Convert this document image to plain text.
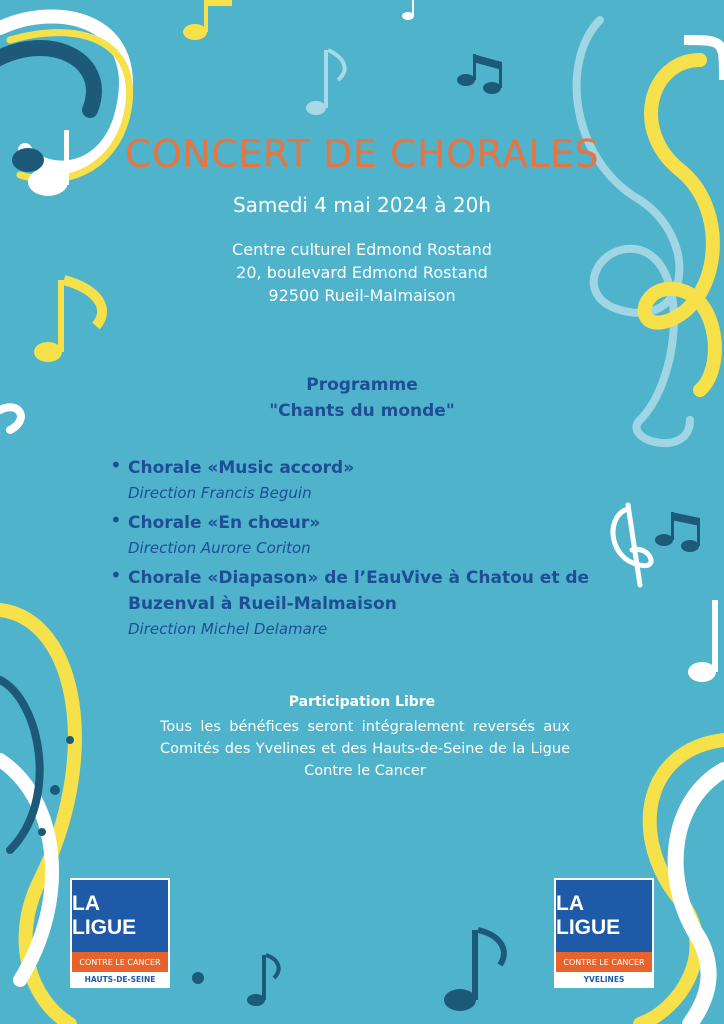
CONCERT DE CHORALES
Samedi 4 mai 2024 à 20h
Centre culturel Edmond Rostand
20, boulevard Edmond Rostand
92500 Rueil-Malmaison
Programme
"Chants du monde"
• Chorale «Music accord»
Direction Francis Beguin
• Chorale «En chœur»
Direction Aurore Coriton
• Chorale «Diapason» de l’EauVive à Chatou et de Buzenval à Rueil-Malmaison
Direction Michel Delamare
Participation Libre
Tous les bénéfices seront intégralement reversés aux Comités des Yvelines et des Hauts-de-Seine de la Ligue Contre le Cancer
LA LIGUE
CONTRE LE CANCER
HAUTS-DE-SEINE
LA LIGUE
CONTRE LE CANCER
YVELINES
